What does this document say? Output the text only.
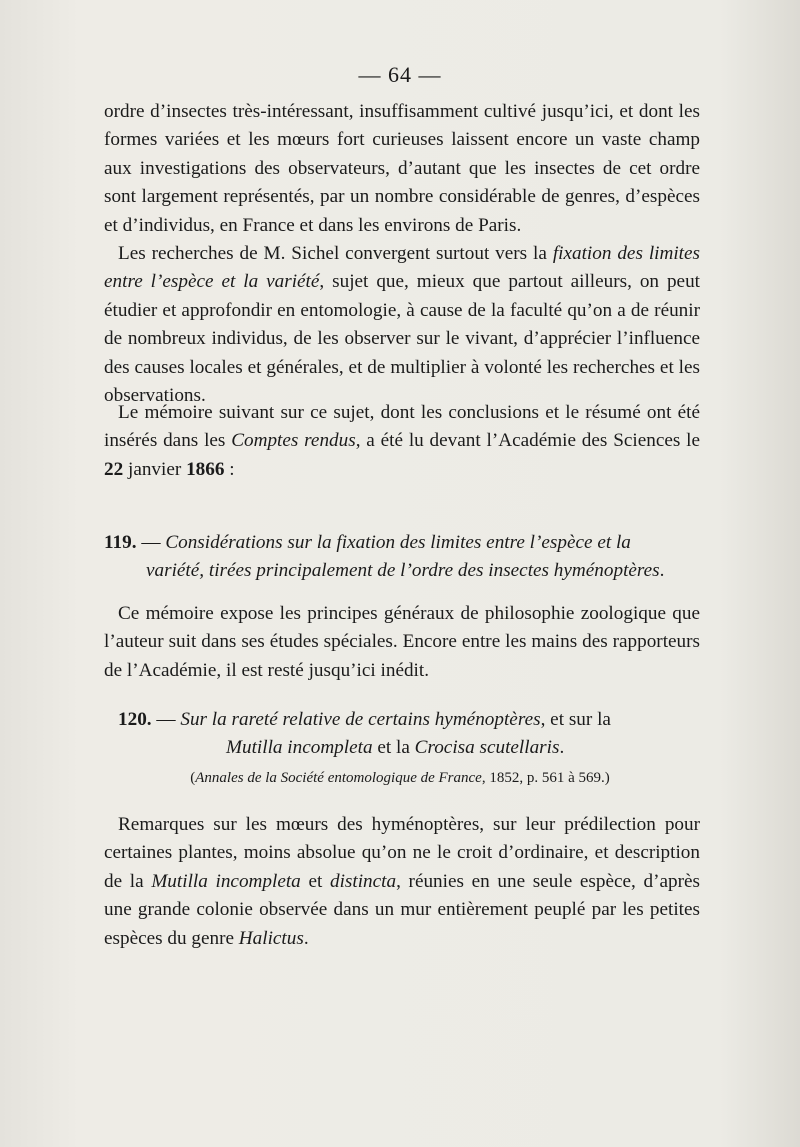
— 64 —

ordre d’insectes très-intéressant, insuffisamment cultivé jusqu’ici, et dont les formes variées et les mœurs fort curieuses laissent encore un vaste champ aux investigations des observateurs, d’autant que les insectes de cet ordre sont largement représentés, par un nombre considérable de genres, d’espèces et d’individus, en France et dans les environs de Paris.

Les recherches de M. Sichel convergent surtout vers la fixation des limites entre l’espèce et la variété, sujet que, mieux que partout ailleurs, on peut étudier et approfondir en entomologie, à cause de la faculté qu’on a de réunir de nombreux individus, de les observer sur le vivant, d’apprécier l’influence des causes locales et générales, et de multiplier à volonté les recherches et les observations.

Le mémoire suivant sur ce sujet, dont les conclusions et le résumé ont été insérés dans les Comptes rendus, a été lu devant l’Académie des Sciences le 22 janvier 1866 :

119. — Considérations sur la fixation des limites entre l’espèce et la
variété, tirées principalement de l’ordre des insectes hyménoptères.

Ce mémoire expose les principes généraux de philosophie zoologique que l’auteur suit dans ses études spéciales. Encore entre les mains des rapporteurs de l’Académie, il est resté jusqu’ici inédit.

120. — Sur la rareté relative de certains hyménoptères, et sur la
Mutilla incompleta et la Crocisa scutellaris.
(Annales de la Société entomologique de France, 1852, p. 561 à 569.)

Remarques sur les mœurs des hyménoptères, sur leur prédilection pour certaines plantes, moins absolue qu’on ne le croit d’ordinaire, et description de la Mutilla incompleta et distincta, réunies en une seule espèce, d’après une grande colonie observée dans un mur entièrement peuplé par les petites espèces du genre Halictus.
